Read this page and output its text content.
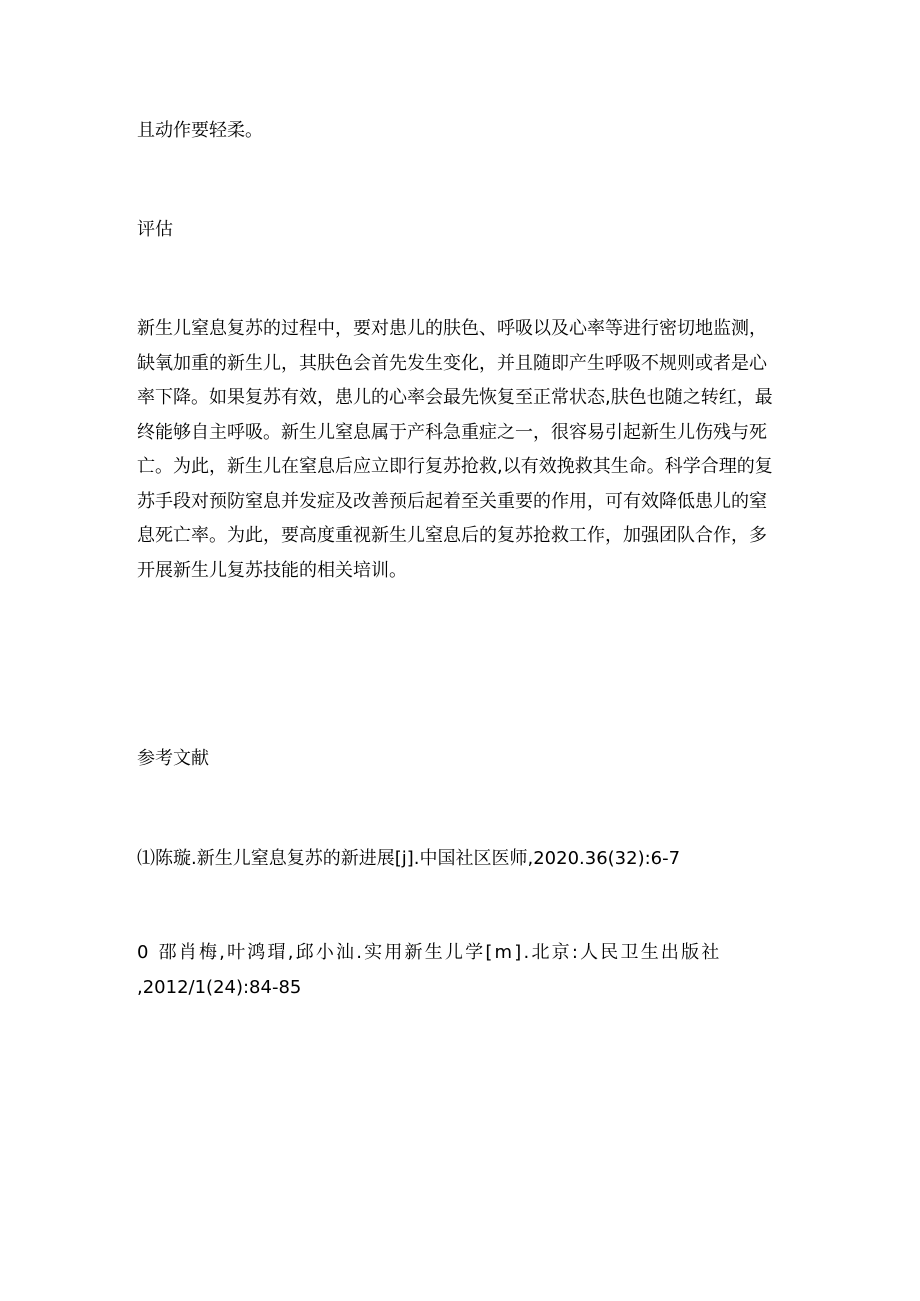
且动作要轻柔。

评估

新生儿窒息复苏的过程中，要对患儿的肤色、呼吸以及心率等进行密切地监测，
缺氧加重的新生儿，其肤色会首先发生变化，并且随即产生呼吸不规则或者是心
率下降。如果复苏有效，患儿的心率会最先恢复至正常状态,肤色也随之转红，最
终能够自主呼吸。新生儿窒息属于产科急重症之一，很容易引起新生儿伤残与死
亡。为此，新生儿在窒息后应立即行复苏抢救,以有效挽救其生命。科学合理的复
苏手段对预防窒息并发症及改善预后起着至关重要的作用，可有效降低患儿的窒
息死亡率。为此，要高度重视新生儿窒息后的复苏抢救工作，加强团队合作，多
开展新生儿复苏技能的相关培训。

参考文献

⑴陈璇.新生儿窒息复苏的新进展[j].中国社区医师,2020.36(32):6-7

0 邵肖梅,叶鸿瑁,邱小汕.实用新生儿学[m].北京:人民卫生出版社
,2012/1(24):84-85
